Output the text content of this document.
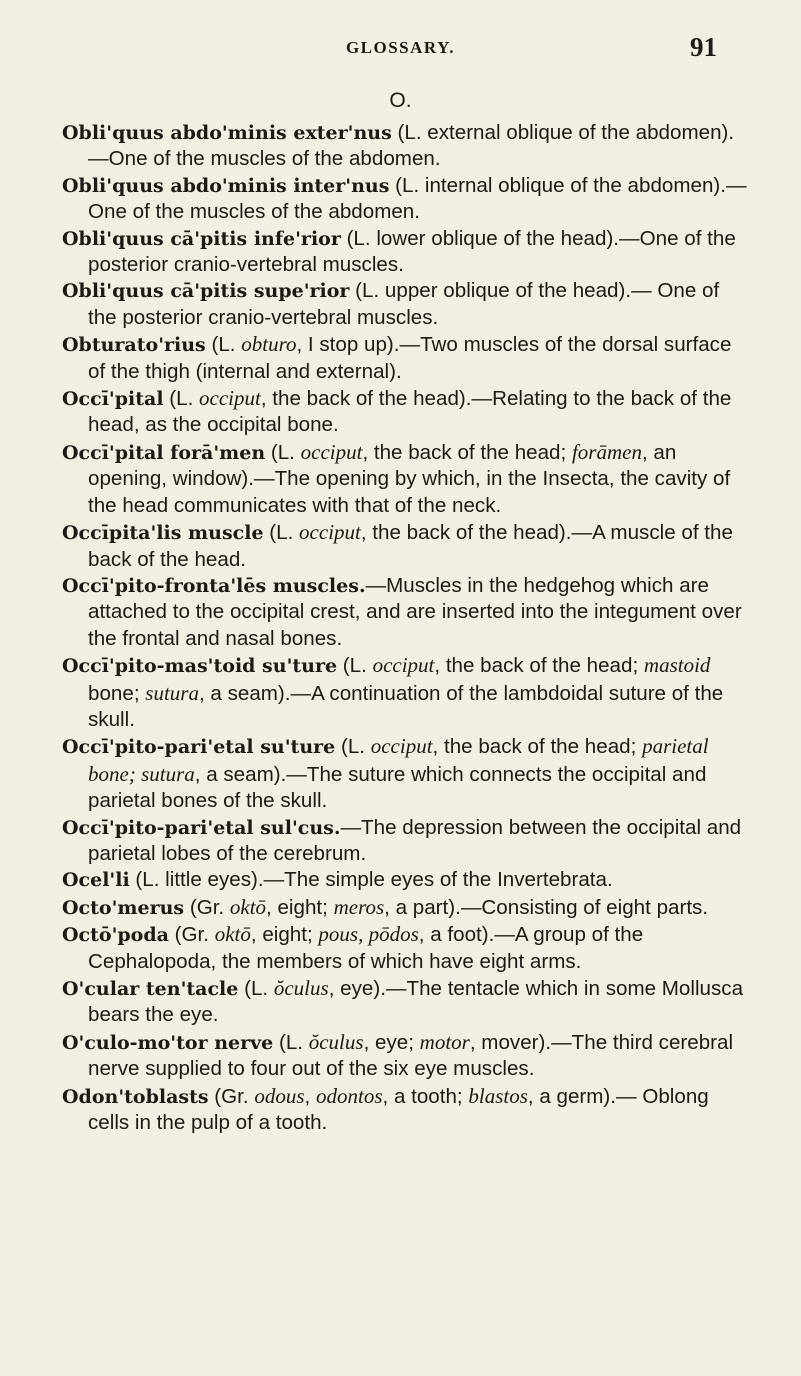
GLOSSARY.	91
O.

Obli'quus abdo'minis exter'nus (L. external oblique of the abdomen).—One of the muscles of the abdomen.

Obli'quus abdo'minis inter'nus (L. internal oblique of the abdomen).—One of the muscles of the abdomen.

Obli'quus cā'pitis infe'rior (L. lower oblique of the head).—One of the posterior cranio-vertebral muscles.

Obli'quus cā'pitis supe'rior (L. upper oblique of the head).— One of the posterior cranio-vertebral muscles.

Obturato'rius (L. obturo, I stop up).—Two muscles of the dorsal surface of the thigh (internal and external).

Occī'pital (L. occiput, the back of the head).—Relating to the back of the head, as the occipital bone.

Occī'pital forā'men (L. occiput, the back of the head; forāmen, an opening, window).—The opening by which, in the Insecta, the cavity of the head communicates with that of the neck.

Occīpita'lis muscle (L. occiput, the back of the head).—A muscle of the back of the head.

Occī'pito-fronta'lēs muscles.—Muscles in the hedgehog which are attached to the occipital crest, and are inserted into the integument over the frontal and nasal bones.

Occī'pito-mas'toid su'ture (L. occiput, the back of the head; mastoid bone; sutura, a seam).—A continuation of the lambdoidal suture of the skull.

Occī'pito-pari'etal su'ture (L. occiput, the back of the head; parietal bone; sutura, a seam).—The suture which connects the occipital and parietal bones of the skull.

Occī'pito-pari'etal sul'cus.—The depression between the occipital and parietal lobes of the cerebrum.

Ocel'li (L. little eyes).—The simple eyes of the Invertebrata.

Octo'merus (Gr. oktō, eight; meros, a part).—Consisting of eight parts.

Octō'poda (Gr. oktō, eight; pous, pōdos, a foot).—A group of the Cephalopoda, the members of which have eight arms.

O'cular ten'tacle (L. ŏculus, eye).—The tentacle which in some Mollusca bears the eye.

O'culo-mo'tor nerve (L. ŏculus, eye; motor, mover).—The third cerebral nerve supplied to four out of the six eye muscles.

Odon'toblasts (Gr. odous, odontos, a tooth; blastos, a germ).— Oblong cells in the pulp of a tooth.
